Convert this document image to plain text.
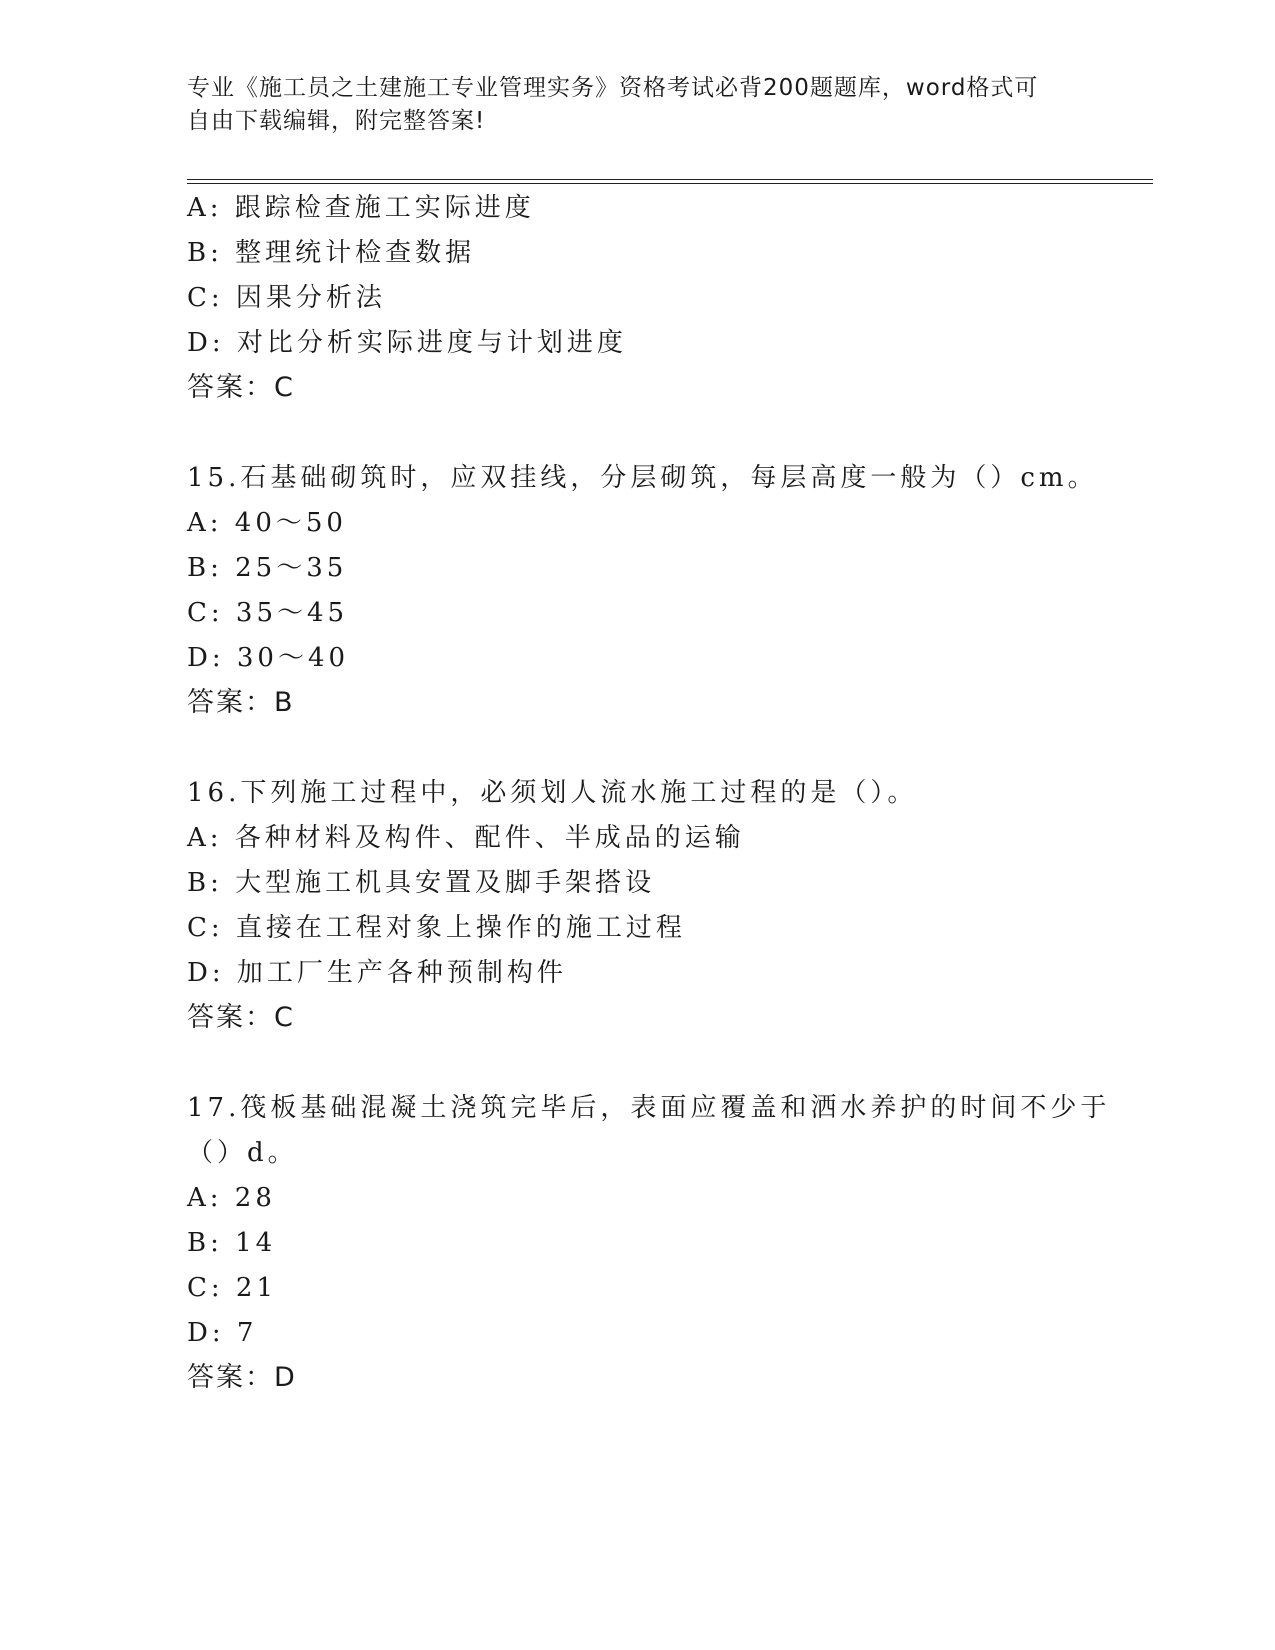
专业《施工员之土建施工专业管理实务》资格考试必背200题题库，word格式可
自由下载编辑，附完整答案!
A: 跟踪检查施工实际进度
B: 整理统计检查数据
C: 因果分析法
D: 对比分析实际进度与计划进度
答案：C
15.石基础砌筑时，应双挂线，分层砌筑，每层高度一般为（）cm。
A: 40～50
B: 25～35
C: 35～45
D: 30～40
答案：B
16.下列施工过程中，必须划人流水施工过程的是（）。
A: 各种材料及构件、配件、半成品的运输
B: 大型施工机具安置及脚手架搭设
C: 直接在工程对象上操作的施工过程
D: 加工厂生产各种预制构件
答案：C
17.筏板基础混凝土浇筑完毕后，表面应覆盖和洒水养护的时间不少于
（）d。
A: 28
B: 14
C: 21
D: 7
答案：D
